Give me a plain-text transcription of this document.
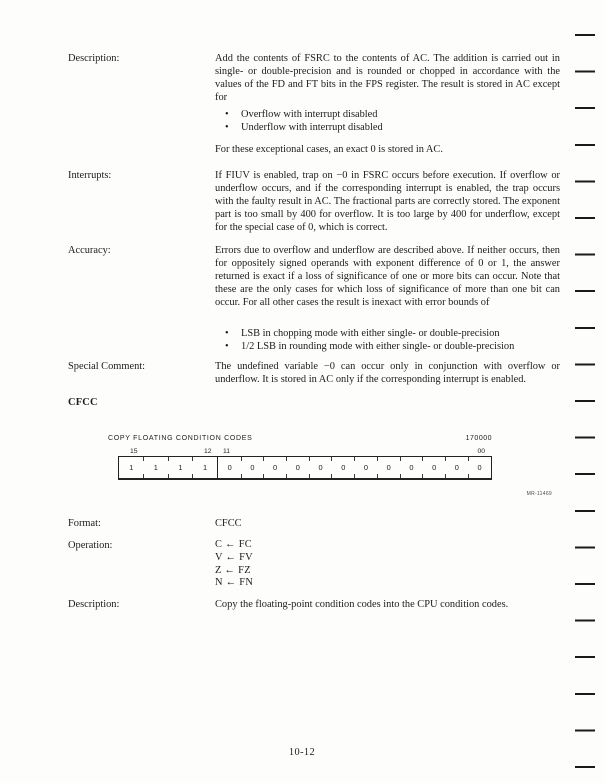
Description:	Add the contents of FSRC to the contents of AC. The addition is carried out in single- or double-precision and is rounded or chopped in accordance with the values of the FD and FT bits in the FPS register. The result is stored in AC except for

•	Overflow with interrupt disabled
•	Underflow with interrupt disabled

For these exceptional cases, an exact 0 is stored in AC.

Interrupts:	If FIUV is enabled, trap on −0 in FSRC occurs before execution. If overflow or underflow occurs, and if the corresponding interrupt is enabled, the trap occurs with the faulty result in AC. The fractional parts are correctly stored. The exponent part is too small by 400 for overflow. It is too large by 400 for underflow, except for the special case of 0, which is correct.

Accuracy:	Errors due to overflow and underflow are described above. If neither occurs, then for oppositely signed operands with exponent difference of 0 or 1, the answer returned is exact if a loss of significance of one or more bits can occur. Note that these are the only cases for which loss of significance of more than one bit can occur. For all other cases the result is inexact with error bounds of

•	LSB in chopping mode with either single- or double-precision
•	1/2 LSB in rounding mode with either single- or double-precision
Special Comment:	The undefined variable −0 can occur only in conjunction with overflow or underflow. It is stored in AC only if the corresponding interrupt is enabled.

CFCC
COPY FLOATING CONDITION CODES	170000
15	12 11	00
1	1	1	1	0	0	0	0	0	0	0	0	0	0	0	0
MR-11469
Format:	CFCC
Operation:	C ← FC
V ← FV
Z ← FZ
N ← FN
Description:	Copy the floating-point condition codes into the CPU condition codes.

10-12
